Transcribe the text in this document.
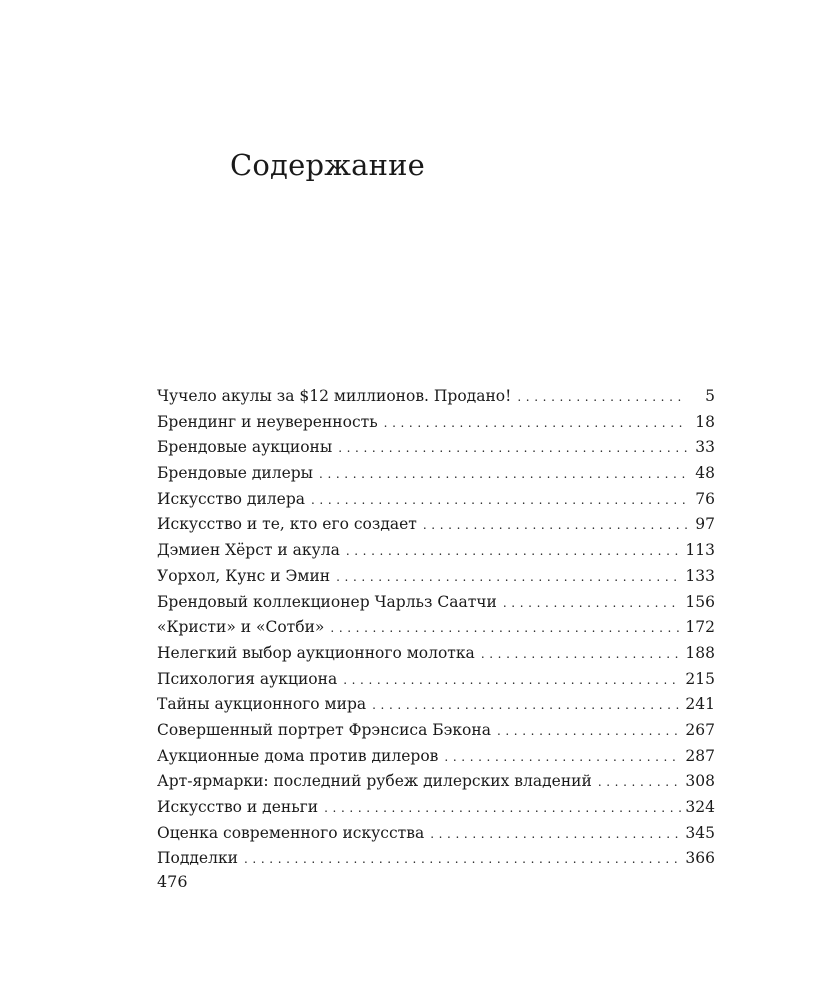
Содержание
Чучело акулы за $12 миллионов. Продано! . . .	5
Брендинг и неуверенность . . .	18
Брендовые аукционы . . .	33
Брендовые дилеры . . .	48
Искусство дилера . . .	76
Искусство и те, кто его создает . . .	97
Дэмиен Хёрст и акула . . .	113
Уорхол, Кунс и Эмин . . .	133
Брендовый коллекционер Чарльз Саатчи . . .	156
«Кристи» и «Сотби» . . .	172
Нелегкий выбор аукционного молотка . . .	188
Психология аукциона . . .	215
Тайны аукционного мира . . .	241
Совершенный портрет Фрэнсиса Бэкона . . .	267
Аукционные дома против дилеров . . .	287
Арт-ярмарки: последний рубеж дилерских владений . . .	308
Искусство и деньги . . .	324
Оценка современного искусства . . .	345
Подделки . . .	366
476
